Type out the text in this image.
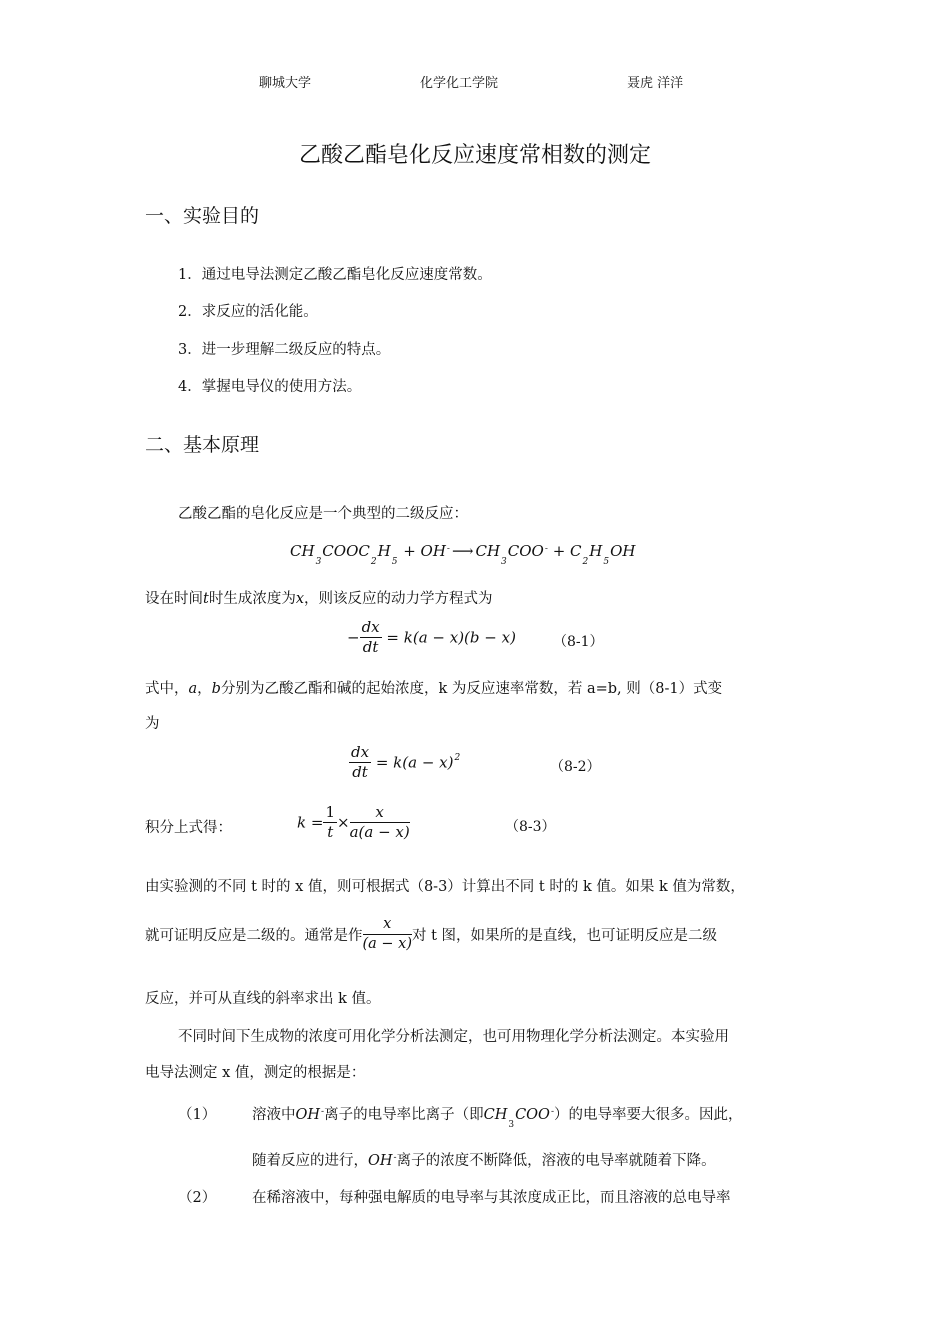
聊城大学	化学化工学院	聂虎 洋洋
乙酸乙酯皂化反应速度常相数的测定
一、实验目的
1．通过电导法测定乙酸乙酯皂化反应速度常数。
2．求反应的活化能。
3．进一步理解二级反应的特点。
4．掌握电导仪的使用方法。
二、基本原理
乙酸乙酯的皂化反应是一个典型的二级反应：
$CH_3COOC_2H_5 + OH^-$ ⟶ $CH_3COO^- + C_2H_5OH$
设在时间t时生成浓度为x，则该反应的动力学方程式为
− $\frac{dx}{dt} = k(a - x)(b - x)$	（8-1）
式中，a，b分别为乙酸乙酯和碱的起始浓度，k 为反应速率常数，若 a=b, 则（8-1）式变
为
$\frac{dx}{dt} = k(a - x)^2$
（8-2）
积分上式得：	$k = \frac{1}{t} \times \frac{x}{a(a - x)}$	（8-3）
由实验测的不同 t 时的 x 值，则可根据式（8-3）计算出不同 t 时的 k 值。如果 k 值为常数，
就可证明反应是二级的。通常是作 $\frac{x}{(a - x)}$ 对 t 图，如果所的是直线，也可证明反应是二级
反应，并可从直线的斜率求出 k 值。
不同时间下生成物的浓度可用化学分析法测定，也可用物理化学分析法测定。本实验用
电导法测定 x 值，测定的根据是：
（1） 溶液中OH-离子的电导率比离子（即$CH_3COO^-$）的电导率要大很多。因此，
随着反应的进行，OH-离子的浓度不断降低，溶液的电导率就随着下降。
（2） 在稀溶液中，每种强电解质的电导率与其浓度成正比，而且溶液的总电导率
